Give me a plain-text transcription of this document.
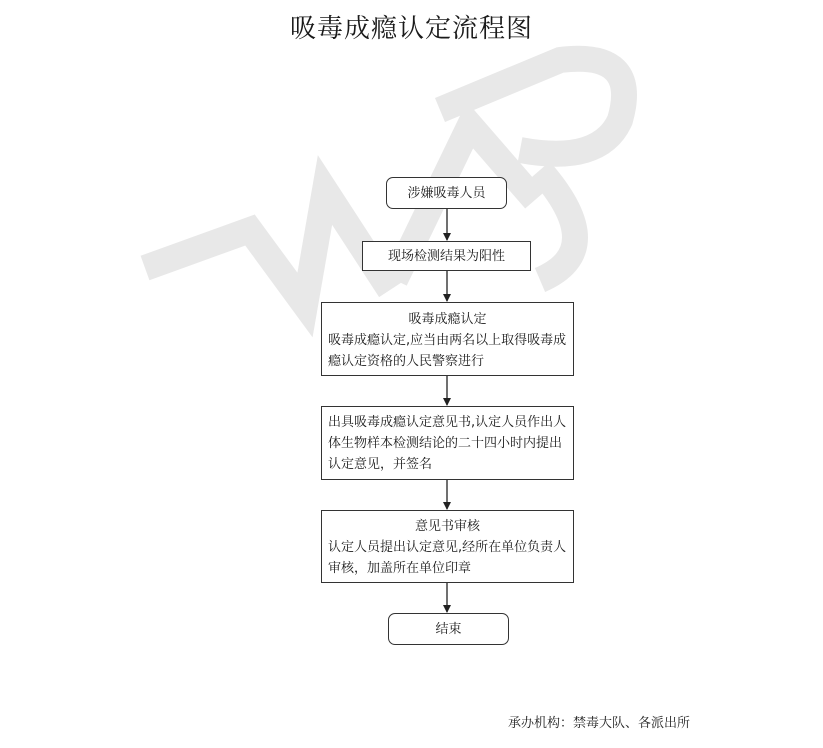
吸毒成瘾认定流程图
涉嫌吸毒人员
现场检测结果为阳性
吸毒成瘾认定
吸毒成瘾认定,应当由两名以上取得吸毒成瘾认定资格的人民警察进行
出具吸毒成瘾认定意见书,认定人员作出人体生物样本检测结论的二十四小时内提出认定意见，并签名
意见书审核
认定人员提出认定意见,经所在单位负责人审核，加盖所在单位印章
结束
承办机构：禁毒大队、各派出所
